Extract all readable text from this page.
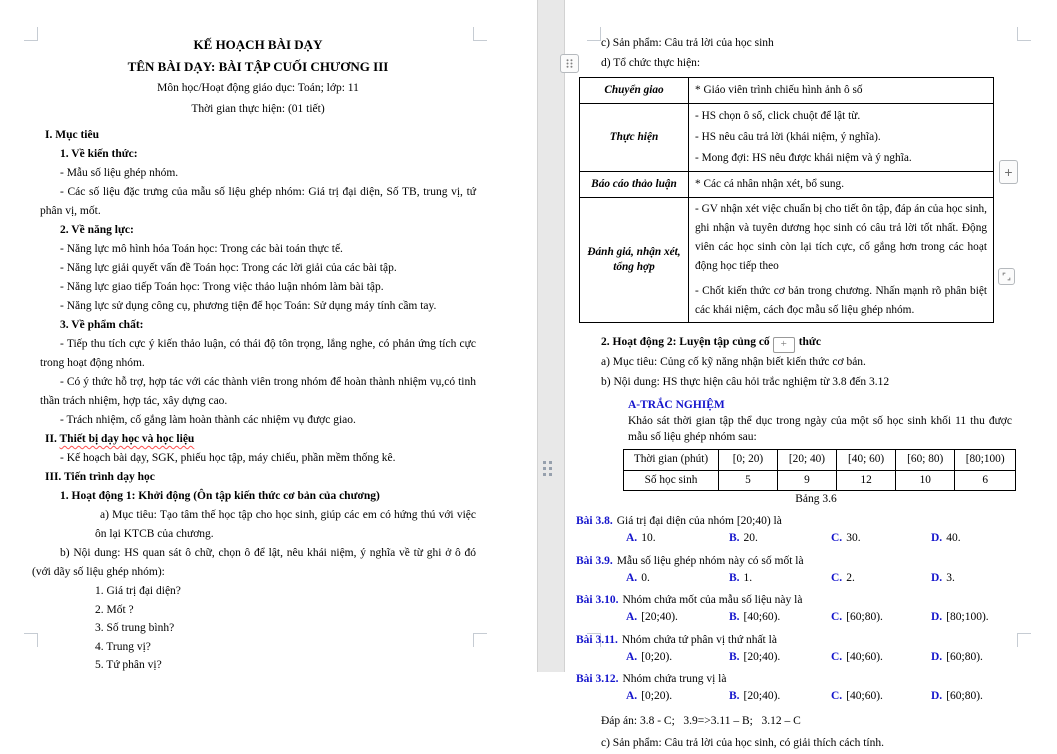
KẾ HOẠCH BÀI DẠY

TÊN BÀI DẠY: BÀI TẬP CUỐI CHƯƠNG III

Môn học/Hoạt động giáo dục: Toán; lớp: 11

Thời gian thực hiện: (01 tiết)

I. Mục tiêu

1. Về kiến thức:

- Mẫu số liệu ghép nhóm.

- Các số liệu đặc trưng của mẫu số liệu ghép nhóm: Giá trị đại diện, Số TB, trung vị, tứ phân vị, mốt.

2. Về năng lực:

- Năng lực mô hình hóa Toán học: Trong các bài toán thực tế.

- Năng lực giải quyết vấn đề Toán học: Trong các lời giải của các bài tập.

- Năng lực giao tiếp Toán học: Trong việc thảo luận nhóm làm bài tập.

- Năng lực sử dụng công cụ, phương tiện để học Toán: Sử dụng máy tính cầm tay.

3. Về phẩm chất:

- Tiếp thu tích cực ý kiến thảo luận, có thái độ tôn trọng, lắng nghe, có phản ứng tích cực trong hoạt động nhóm.

- Có ý thức hỗ trợ, hợp tác với các thành viên trong nhóm để hoàn thành nhiệm vụ,có tinh thần trách nhiệm, hợp tác, xây dựng cao.

- Trách nhiệm, cố gắng làm hoàn thành các nhiệm vụ được giao.

II. Thiết bị dạy học và học liệu

- Kế hoạch bài dạy, SGK, phiếu học tập, máy chiếu, phần mềm thống kê.

III. Tiến trình dạy học

1. Hoạt động 1: Khởi động (Ôn tập kiến thức cơ bản của chương)

a) Mục tiêu: Tạo tâm thế học tập cho học sinh, giúp các em có hứng thú với việc ôn lại KTCB của chương.

b) Nội dung: HS quan sát ô chữ, chọn ô để lật, nêu khái niệm, ý nghĩa về từ ghi ở ô đó (với dãy số liệu ghép nhóm):

1. Giá trị đại diện?

2. Mốt ?

3. Số trung bình?

4. Trung vị?

5. Tứ phân vị?

c) Sản phẩm: Câu trả lời của học sinh

d) Tổ chức thực hiện:

Chuyển giao	* Giáo viên trình chiếu hình ảnh ô số

Thực hiện	- HS chọn ô số, click chuột để lật từ.
- HS nêu câu trả lời (khái niệm, ý nghĩa).
- Mong đợi: HS nêu được khái niệm và ý nghĩa.

Báo cáo thảo luận	* Các cá nhân nhận xét, bổ sung.

Đánh giá, nhận xét, tổng hợp	- GV nhận xét việc chuẩn bị cho tiết ôn tập, đáp án của học sinh, ghi nhận và tuyên dương học sinh có câu trả lời tốt nhất. Động viên các học sinh còn lại tích cực, cố gắng hơn trong các hoạt động học tiếp theo
- Chốt kiến thức cơ bản trong chương. Nhấn mạnh rõ phân biệt các khái niệm, cách đọc mẫu số liệu ghép nhóm.

2. Hoạt động 2: Luyện tập củng cố + thức

a) Mục tiêu: Củng cố kỹ năng nhận biết kiến thức cơ bản.

b) Nội dung: HS thực hiện câu hỏi trắc nghiệm từ 3.8 đến 3.12

A-TRẮC NGHIỆM

Khảo sát thời gian tập thể dục trong ngày của một số học sinh khối 11 thu được mẫu số liệu ghép nhóm sau:

Thời gian (phút)	[0; 20)	[20; 40)	[40; 60)	[60; 80)	[80;100)
Số học sinh	5	9	12	10	6

Bảng 3.6

Bài 3.8. Giá trị đại diện của nhóm [20;40) là

A. 10.	B. 20.	C. 30.	D. 40.

Bài 3.9. Mẫu số liệu ghép nhóm này có số mốt là

A. 0.	B. 1.	C. 2.	D. 3.

Bài 3.10. Nhóm chứa mốt của mẫu số liệu này là

A. [20;40).	B. [40;60).	C. [60;80).	D. [80;100).

Bài 3.11. Nhóm chứa tứ phân vị thứ nhất là

A. [0;20).	B. [20;40).	C. [40;60).	D. [60;80).

Bài 3.12. Nhóm chứa trung vị là

A. [0;20).	B. [20;40).	C. [40;60).	D. [60;80).

Đáp án: 3.8 - C;   3.9=>3.11 – B;   3.12 – C

c) Sản phẩm: Câu trả lời của học sinh, có giải thích cách tính.

+
